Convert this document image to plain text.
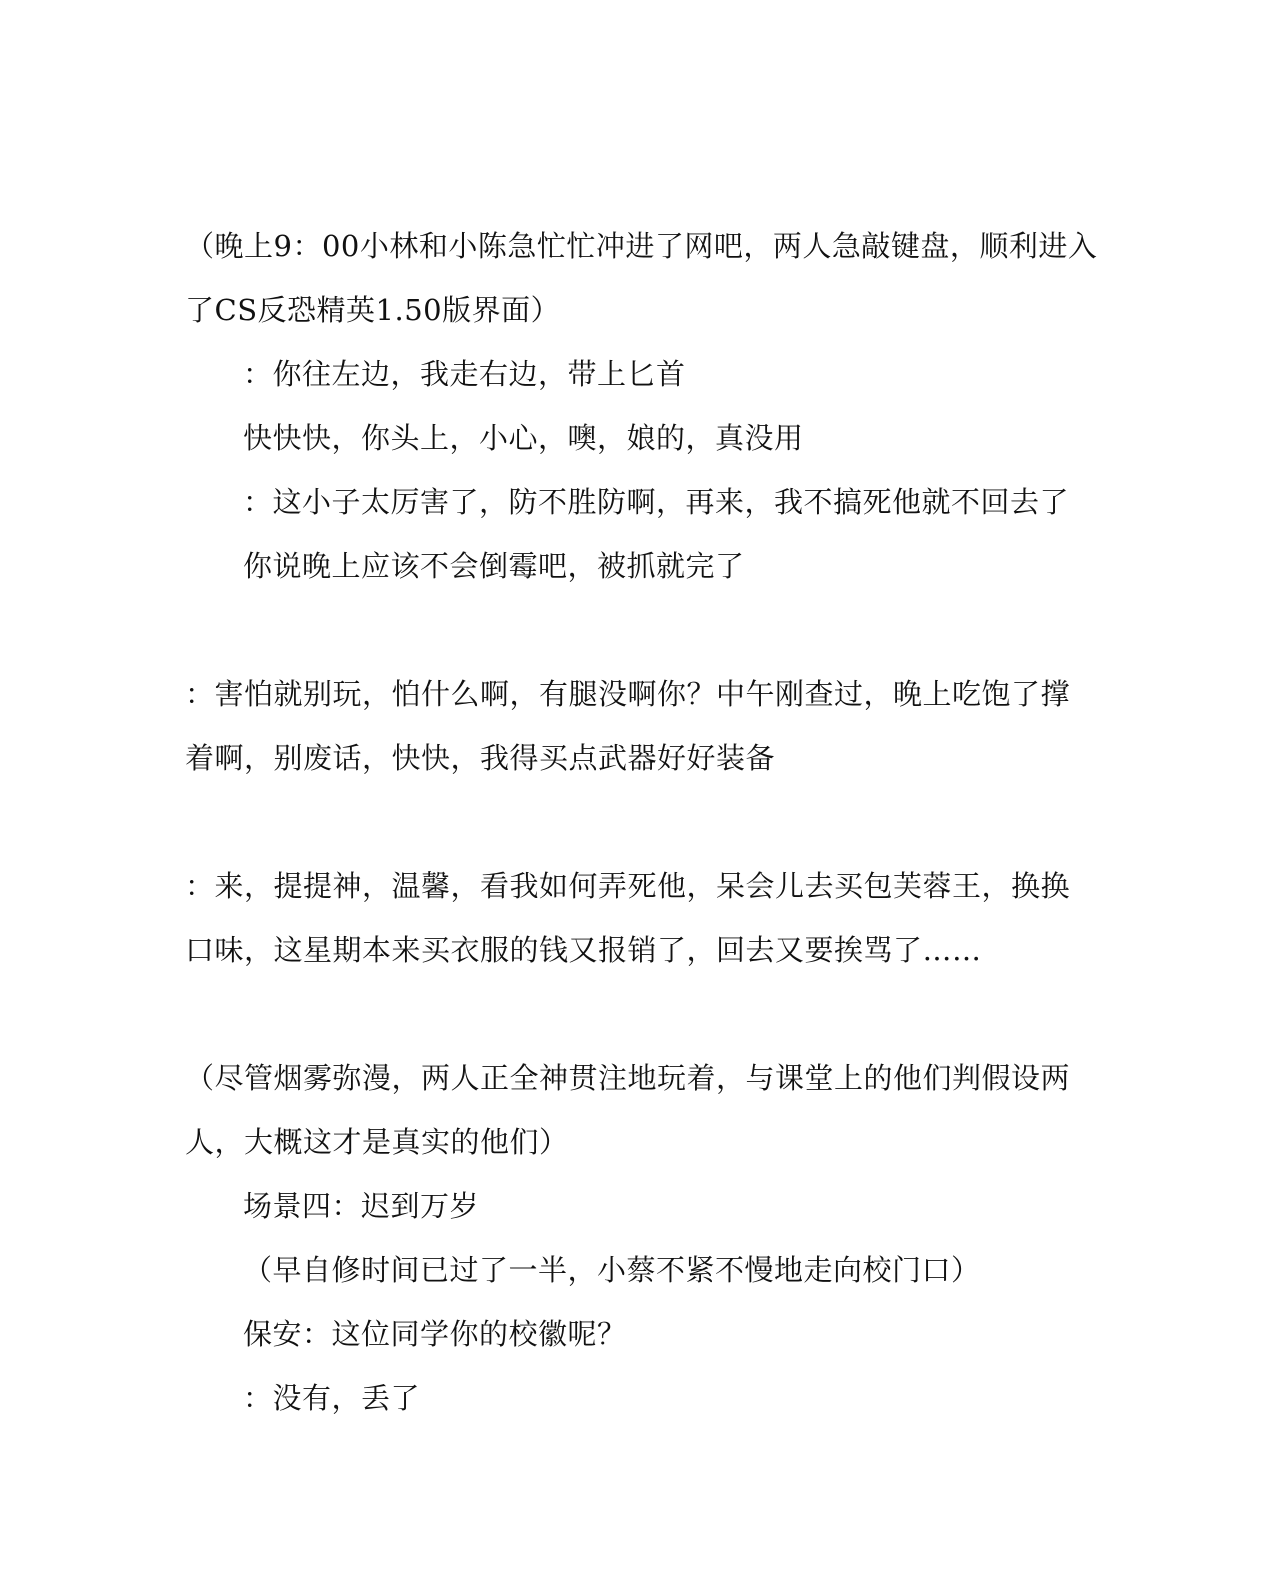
（晚上9：00小林和小陈急忙忙冲进了网吧，两人急敲键盘，顺利进入
了CS反恐精英1.50版界面）
：你往左边，我走右边，带上匕首
快快快，你头上，小心，噢，娘的，真没用
：这小子太厉害了，防不胜防啊，再来，我不搞死他就不回去了
你说晚上应该不会倒霉吧，被抓就完了
：害怕就别玩，怕什么啊，有腿没啊你？中午刚查过，晚上吃饱了撑
着啊，别废话，快快，我得买点武器好好装备
：来，提提神，温馨，看我如何弄死他，呆会儿去买包芙蓉王，换换
口味，这星期本来买衣服的钱又报销了，回去又要挨骂了……
（尽管烟雾弥漫，两人正全神贯注地玩着，与课堂上的他们判假设两
人，大概这才是真实的他们）
场景四：迟到万岁
（早自修时间已过了一半，小蔡不紧不慢地走向校门口）
保安：这位同学你的校徽呢？
：没有，丢了
